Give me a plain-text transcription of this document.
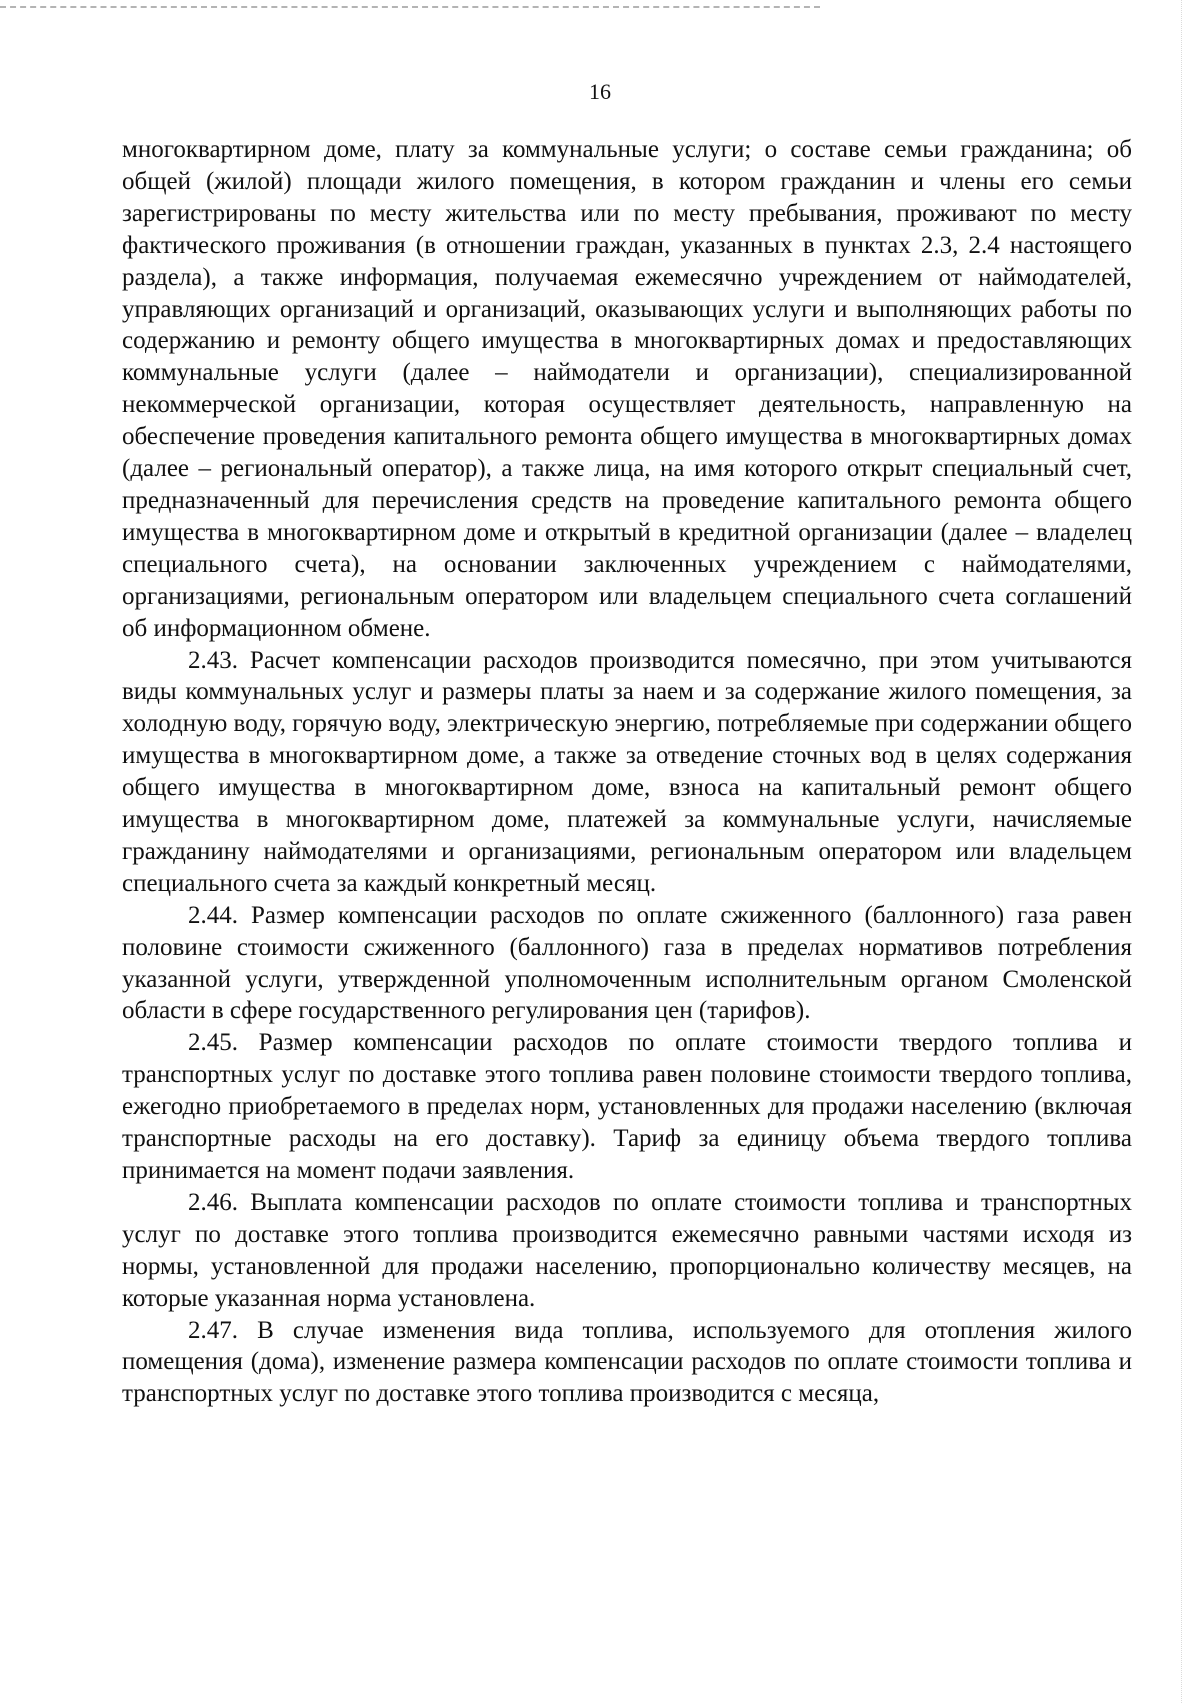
16

многоквартирном доме, плату за коммунальные услуги; о составе семьи гражданина; об общей (жилой) площади жилого помещения, в котором гражданин и члены его семьи зарегистрированы по месту жительства или по месту пребывания, проживают по месту фактического проживания (в отношении граждан, указанных в пунктах 2.3, 2.4 настоящего раздела), а также информация, получаемая ежемесячно учреждением от наймодателей, управляющих организаций и организаций, оказывающих услуги и выполняющих работы по содержанию и ремонту общего имущества в многоквартирных домах и предоставляющих коммунальные услуги (далее – наймодатели и организации), специализированной некоммерческой организации, которая осуществляет деятельность, направленную на обеспечение проведения капитального ремонта общего имущества в многоквартирных домах (далее – региональный оператор), а также лица, на имя которого открыт специальный счет, предназначенный для перечисления средств на проведение капитального ремонта общего имущества в многоквартирном доме и открытый в кредитной организации (далее – владелец специального счета), на основании заключенных учреждением с наймодателями, организациями, региональным оператором или владельцем специального счета соглашений об информационном обмене.

2.43. Расчет компенсации расходов производится помесячно, при этом учитываются виды коммунальных услуг и размеры платы за наем и за содержание жилого помещения, за холодную воду, горячую воду, электрическую энергию, потребляемые при содержании общего имущества в многоквартирном доме, а также за отведение сточных вод в целях содержания общего имущества в многоквартирном доме, взноса на капитальный ремонт общего имущества в многоквартирном доме, платежей за коммунальные услуги, начисляемые гражданину наймодателями и организациями, региональным оператором или владельцем специального счета за каждый конкретный месяц.

2.44. Размер компенсации расходов по оплате сжиженного (баллонного) газа равен половине стоимости сжиженного (баллонного) газа в пределах нормативов потребления указанной услуги, утвержденной уполномоченным исполнительным органом Смоленской области в сфере государственного регулирования цен (тарифов).

2.45. Размер компенсации расходов по оплате стоимости твердого топлива и транспортных услуг по доставке этого топлива равен половине стоимости твердого топлива, ежегодно приобретаемого в пределах норм, установленных для продажи населению (включая транспортные расходы на его доставку). Тариф за единицу объема твердого топлива принимается на момент подачи заявления.

2.46. Выплата компенсации расходов по оплате стоимости топлива и транспортных услуг по доставке этого топлива производится ежемесячно равными частями исходя из нормы, установленной для продажи населению, пропорционально количеству месяцев, на которые указанная норма установлена.

2.47. В случае изменения вида топлива, используемого для отопления жилого помещения (дома), изменение размера компенсации расходов по оплате стоимости топлива и транспортных услуг по доставке этого топлива производится с месяца,
